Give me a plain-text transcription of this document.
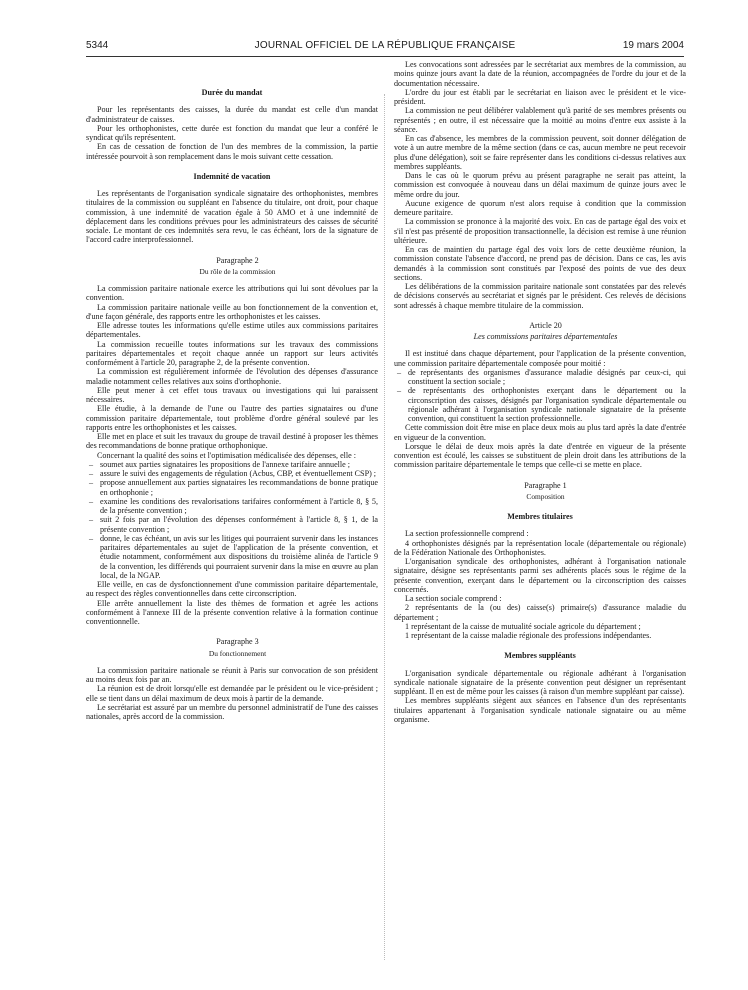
5344	JOURNAL OFFICIEL DE LA RÉPUBLIQUE FRANÇAISE	19 mars 2004
Durée du mandat

Pour les représentants des caisses, la durée du mandat est celle d'un mandat d'administrateur de caisses.

Pour les orthophonistes, cette durée est fonction du mandat que leur a conféré le syndicat qu'ils représentent.

En cas de cessation de fonction de l'un des membres de la commission, la partie intéressée pourvoit à son remplacement dans le mois suivant cette cessation.

Indemnité de vacation

Les représentants de l'organisation syndicale signataire des orthophonistes, membres titulaires de la commission ou suppléant en l'absence du titulaire, ont droit, pour chaque commission, à une indemnité de vacation égale à 50 AMO et à une indemnité de déplacement dans les conditions prévues pour les administrateurs des caisses de sécurité sociale. Le montant de ces indemnités sera revu, le cas échéant, lors de la signature de l'accord cadre interprofessionnel.

Paragraphe 2

Du rôle de la commission

La commission paritaire nationale exerce les attributions qui lui sont dévolues par la convention.

La commission paritaire nationale veille au bon fonctionnement de la convention et, d'une façon générale, des rapports entre les orthophonistes et les caisses.

Elle adresse toutes les informations qu'elle estime utiles aux commissions paritaires départementales.

La commission recueille toutes informations sur les travaux des commissions paritaires départementales et reçoit chaque année un rapport sur leurs activités conformément à l'article 20, paragraphe 2, de la présente convention.

La commission est régulièrement informée de l'évolution des dépenses d'assurance maladie notamment celles relatives aux soins d'orthophonie.

Elle peut mener à cet effet tous travaux ou investigations qui lui paraissent nécessaires.

Elle étudie, à la demande de l'une ou l'autre des parties signataires ou d'une commission paritaire départementale, tout problème d'ordre général soulevé par les rapports entre les orthophonistes et les caisses.

Elle met en place et suit les travaux du groupe de travail destiné à proposer les thèmes des recommandations de bonne pratique orthophonique.

Concernant la qualité des soins et l'optimisation médicalisée des dépenses, elle :

– soumet aux parties signataires les propositions de l'annexe tarifaire annuelle ;
– assure le suivi des engagements de régulation (Acbus, CBP, et éventuellement CSP) ;
– propose annuellement aux parties signataires les recommandations de bonne pratique en orthophonie ;
– examine les conditions des revalorisations tarifaires conformément à l'article 8, § 5, de la présente convention ;
– suit 2 fois par an l'évolution des dépenses conformément à l'article 8, § 1, de la présente convention ;
– donne, le cas échéant, un avis sur les litiges qui pourraient survenir dans les instances paritaires départementales au sujet de l'application de la présente convention, et étudie notamment, conformément aux dispositions du troisième alinéa de l'article 9 de la convention, les différends qui pourraient survenir dans la mise en œuvre au plan local, de la NGAP.

Elle veille, en cas de dysfonctionnement d'une commission paritaire départementale, au respect des règles conventionnelles dans cette circonscription.

Elle arrête annuellement la liste des thèmes de formation et agrée les actions conformément à l'annexe III de la présente convention relative à la formation continue conventionnelle.

Paragraphe 3

Du fonctionnement

La commission paritaire nationale se réunit à Paris sur convocation de son président au moins deux fois par an.

La réunion est de droit lorsqu'elle est demandée par le président ou le vice-président ; elle se tient dans un délai maximum de deux mois à partir de la demande.

Le secrétariat est assuré par un membre du personnel administratif de l'une des caisses nationales, après accord de la commission.

Les convocations sont adressées par le secrétariat aux membres de la commission, au moins quinze jours avant la date de la réunion, accompagnées de l'ordre du jour et de la documentation nécessaire.

L'ordre du jour est établi par le secrétariat en liaison avec le président et le vice-président.

La commission ne peut délibérer valablement qu'à parité de ses membres présents ou représentés ; en outre, il est nécessaire que la moitié au moins d'entre eux assiste à la séance.

En cas d'absence, les membres de la commission peuvent, soit donner délégation de vote à un autre membre de la même section (dans ce cas, aucun membre ne peut recevoir plus d'une délégation), soit se faire représenter dans les conditions ci-dessus relatives aux membres suppléants.

Dans le cas où le quorum prévu au présent paragraphe ne serait pas atteint, la commission est convoquée à nouveau dans un délai maximum de quinze jours avec le même ordre du jour.

Aucune exigence de quorum n'est alors requise à condition que la commission demeure paritaire.

La commission se prononce à la majorité des voix. En cas de partage égal des voix et s'il n'est pas présenté de proposition transactionnelle, la décision est remise à une réunion ultérieure.

En cas de maintien du partage égal des voix lors de cette deuxième réunion, la commission constate l'absence d'accord, ne prend pas de décision. Dans ce cas, les avis demandés à la commission sont constitués par l'exposé des points de vue des deux sections.

Les délibérations de la commission paritaire nationale sont constatées par des relevés de décisions conservés au secrétariat et signés par le président. Ces relevés de décisions sont adressés à chaque membre titulaire de la commission.

Article 20

Les commissions paritaires départementales

Il est institué dans chaque département, pour l'application de la présente convention, une commission paritaire départementale composée pour moitié :

– de représentants des organismes d'assurance maladie désignés par ceux-ci, qui constituent la section sociale ;
– de représentants des orthophonistes exerçant dans le département ou la circonscription des caisses, désignés par l'organisation syndicale départementale ou régionale adhérant à l'organisation syndicale nationale signataire de la présente convention, qui constituent la section professionnelle.

Cette commission doit être mise en place deux mois au plus tard après la date d'entrée en vigueur de la convention.

Lorsque le délai de deux mois après la date d'entrée en vigueur de la présente convention est écoulé, les caisses se substituent de plein droit dans les attributions de la commission paritaire départementale le temps que celle-ci se mette en place.

Paragraphe 1

Composition

Membres titulaires

La section professionnelle comprend :

4 orthophonistes désignés par la représentation locale (départementale ou régionale) de la Fédération Nationale des Orthophonistes.

L'organisation syndicale des orthophonistes, adhérant à l'organisation nationale signataire, désigne ses représentants parmi ses adhérents placés sous le régime de la présente convention, exerçant dans le département ou la circonscription des caisses concernés.

La section sociale comprend :

2 représentants de la (ou des) caisse(s) primaire(s) d'assurance maladie du département ;

1 représentant de la caisse de mutualité sociale agricole du département ;

1 représentant de la caisse maladie régionale des professions indépendantes.

Membres suppléants

L'organisation syndicale départementale ou régionale adhérant à l'organisation syndicale nationale signataire de la présente convention peut désigner un représentant suppléant. Il en est de même pour les caisses (à raison d'un membre suppléant par caisse).

Les membres suppléants siègent aux séances en l'absence d'un des représentants titulaires appartenant à l'organisation syndicale nationale signataire ou au même organisme.
